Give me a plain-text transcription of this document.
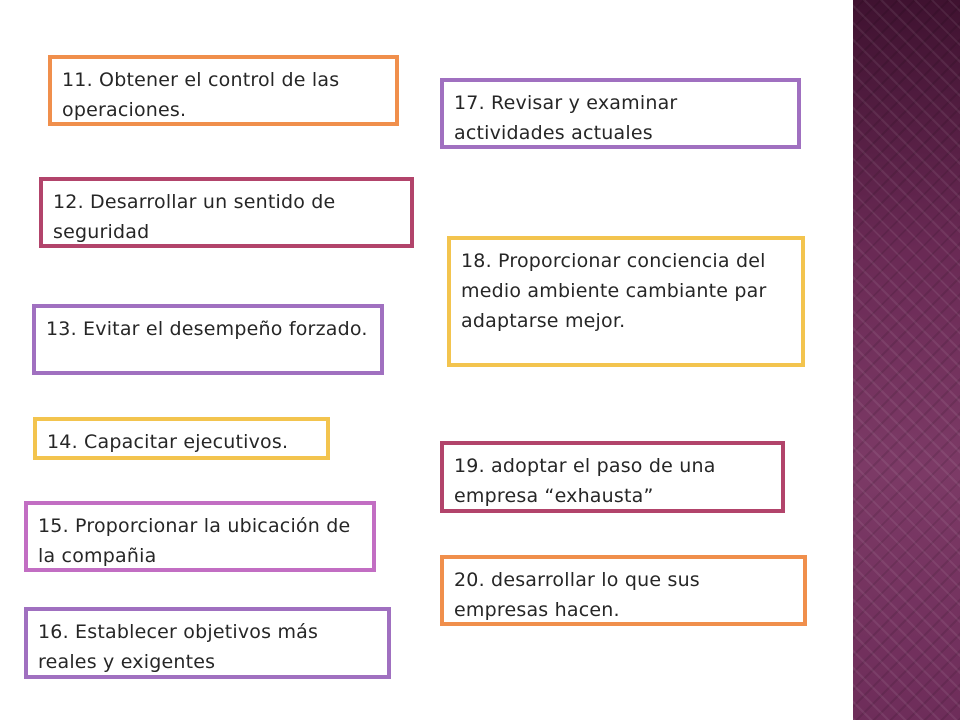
11. Obtener el control de las operaciones.
12. Desarrollar un sentido de seguridad
13. Evitar el desempeño forzado.
14. Capacitar ejecutivos.
15. Proporcionar la ubicación de la compañia
16. Establecer objetivos más reales y exigentes
17. Revisar y examinar actividades actuales
18. Proporcionar conciencia del medio ambiente cambiante par adaptarse mejor.
19. adoptar el paso de una empresa “exhausta”
20. desarrollar lo que sus empresas hacen.
